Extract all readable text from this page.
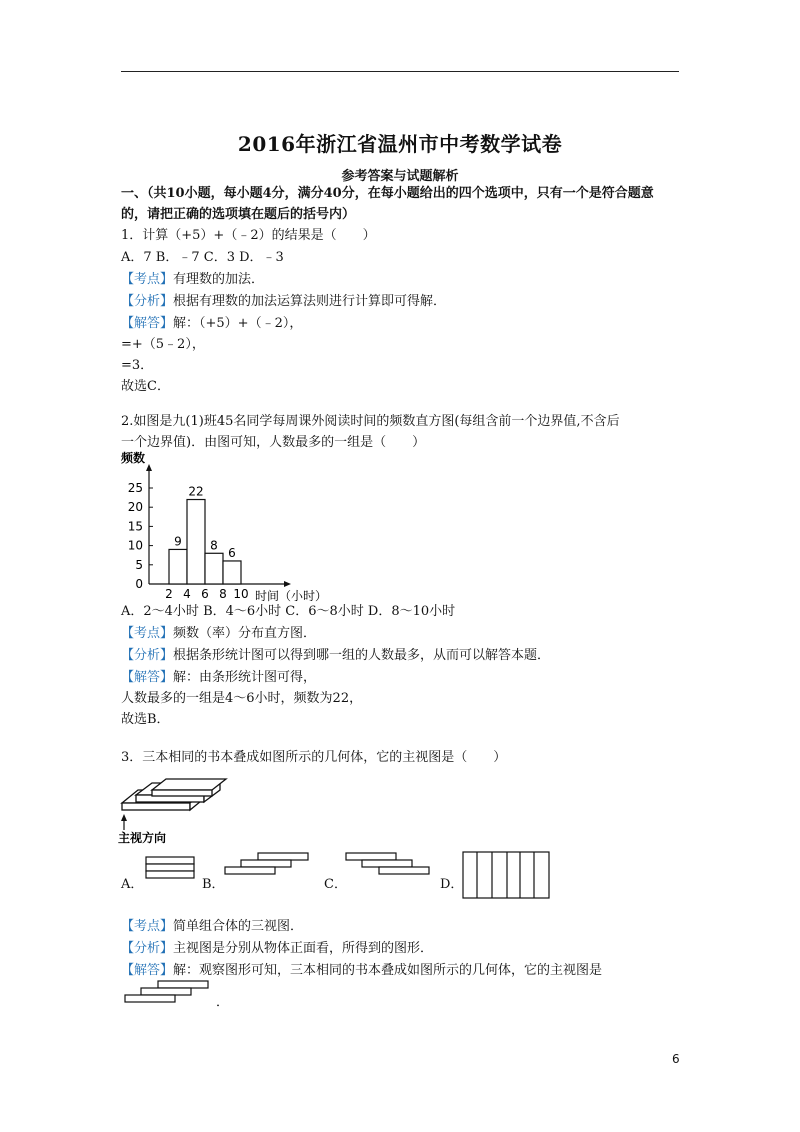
2016年浙江省温州市中考数学试卷
参考答案与试题解析
一、（共10小题，每小题4分，满分40分，在每小题给出的四个选项中，只有一个是符合题意
的，请把正确的选项填在题后的括号内）
1．计算（+5）+（﹣2）的结果是（　　）
A．7 B．﹣7 C．3 D．﹣3
【考点】有理数的加法．
【分析】根据有理数的加法运算法则进行计算即可得解．
【解答】解：（+5）+（﹣2），
=+（5﹣2），
=3．
故选C．
2.如图是九(1)班45名同学每周课外阅读时间的频数直方图(每组含前一个边界值,不含后
一个边界值)．由图可知，人数最多的一组是（　　）
频数
时间（小时）
0
5
10
15
20
25
2 4 6 8 10
9
22
8
6
A．2～4小时 B．4～6小时 C．6～8小时 D．8～10小时
【考点】频数（率）分布直方图．
【分析】根据条形统计图可以得到哪一组的人数最多，从而可以解答本题．
【解答】解：由条形统计图可得，
人数最多的一组是4～6小时，频数为22，
故选B．
3．三本相同的书本叠成如图所示的几何体，它的主视图是（　　）
主视方向
A．	B．	C．	D．
【考点】简单组合体的三视图．
【分析】主视图是分别从物体正面看，所得到的图形．
【解答】解：观察图形可知，三本相同的书本叠成如图所示的几何体，它的主视图是
．
6
